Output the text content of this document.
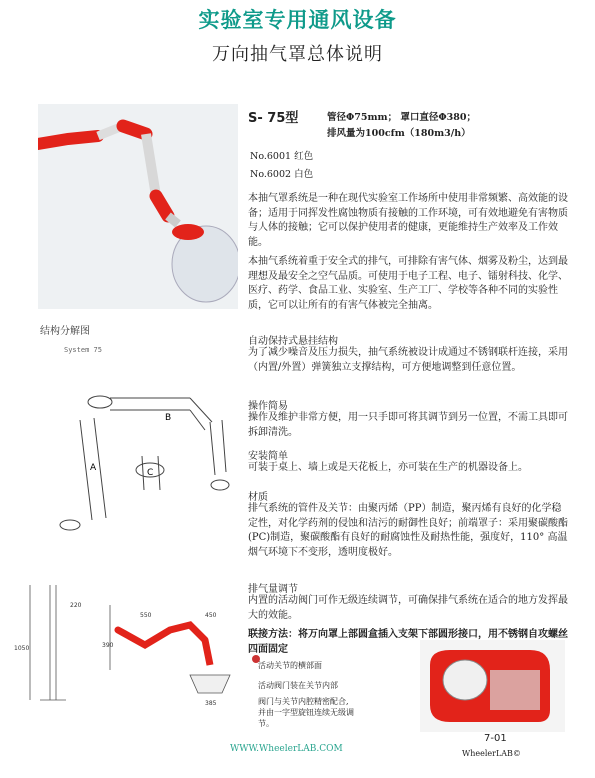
实验室专用通风设备
万向抽气罩总体说明
S- 75型	管径Φ75mm； 罩口直径Φ380；
排风量为100cfm（180m3/h）
No.6001 红色
No.6002 白色
本抽气罩系统是一种在现代实验室工作场所中使用非常频繁、高效能的设备；适用于同挥发性腐蚀物质有接触的工作环境，可有效地避免有害物质与人体的接触；它可以保护使用者的健康，更能维持生产效率及工作效能。
本抽气系统着重于安全式的排气，可排除有害气体、烟雾及粉尘，达到最理想及最安全之空气品质。可使用于电子工程、电子、镭射科技、化学、医疗、药学、食品工业、实验室、生产工厂、学校等各种不同的实验性质，它可以让所有的有害气体被完全抽离。
自动保持式悬挂结构
为了减少噪音及压力损失，抽气系统被设计成通过不锈钢联杆连接，采用（内置/外置）弹簧独立支撑结构，可方便地调整到任意位置。
操作简易
操作及维护非常方便，用一只手即可将其调节到另一位置，不需工具即可拆卸清洗。
安装简单
可装于桌上、墙上或是天花板上，亦可装在生产的机器设备上。
材质
排气系统的管件及关节：由聚丙烯（PP）制造，聚丙烯有良好的化学稳定性，对化学药剂的侵蚀和洁污的耐御性良好；前端罩子：采用聚碳酸酯(PC)制造，聚碳酸酯有良好的耐腐蚀性及耐热性能，强度好，110° 高温烟气环境下不变形，透明度极好。
排气量调节
内置的活动阀门可作无级连续调节，可确保排气系统在适合的地方发挥最大的效能。
联接方法：将万向罩上部圆盒插入支架下部圆形接口，用不锈钢自攻螺丝四面固定
结构分解图
System 75
A
B
C
220
390
1050
550	450
385
活动关节的横部面
活动阀门装在关节内部
阀门与关节内腔精密配合,
并由一字型旋钮连续无级调
节。
7-01
WheelerLAB©
WWW.WheelerLAB.COM
